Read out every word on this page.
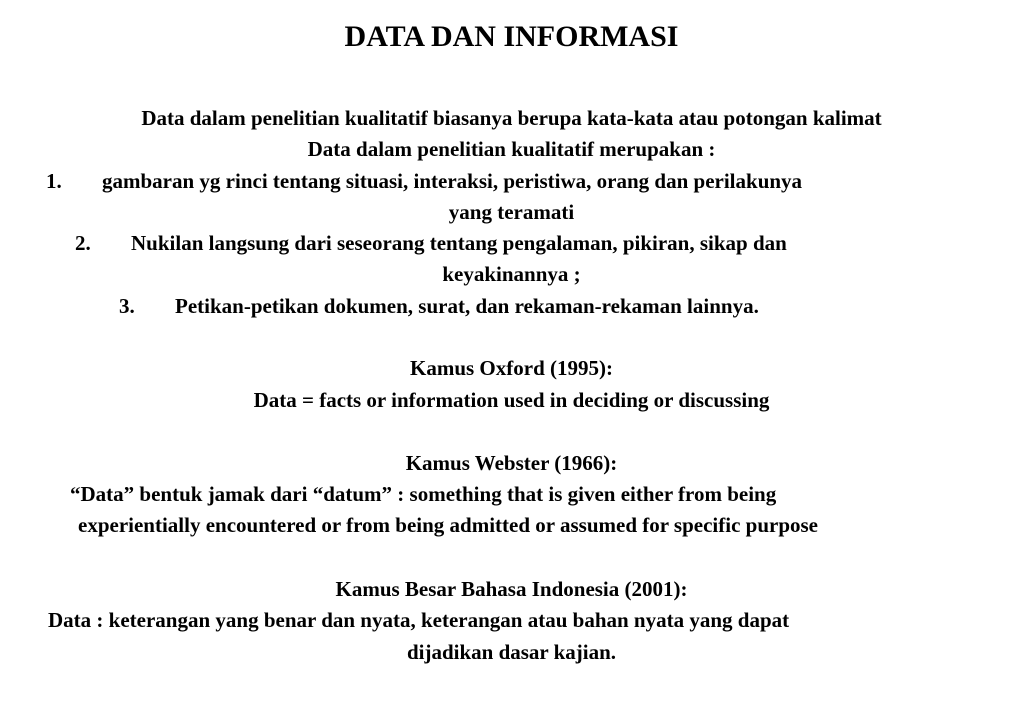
DATA DAN INFORMASI
Data dalam penelitian kualitatif biasanya berupa kata-kata atau potongan kalimat
Data dalam penelitian kualitatif merupakan :
1. gambaran yg rinci tentang situasi, interaksi, peristiwa, orang dan perilakunya
yang teramati
2. Nukilan langsung dari seseorang tentang pengalaman, pikiran, sikap dan
keyakinannya ;
3. Petikan-petikan dokumen, surat, dan rekaman-rekaman lainnya.
Kamus Oxford (1995):
Data = facts or information used in deciding or discussing
Kamus Webster (1966):
“Data” bentuk jamak dari “datum” : something that is given either from being
experientially encountered or from being admitted or assumed for specific purpose
Kamus Besar Bahasa Indonesia (2001):
Data : keterangan yang benar dan nyata, keterangan atau bahan nyata yang dapat
dijadikan dasar kajian.
